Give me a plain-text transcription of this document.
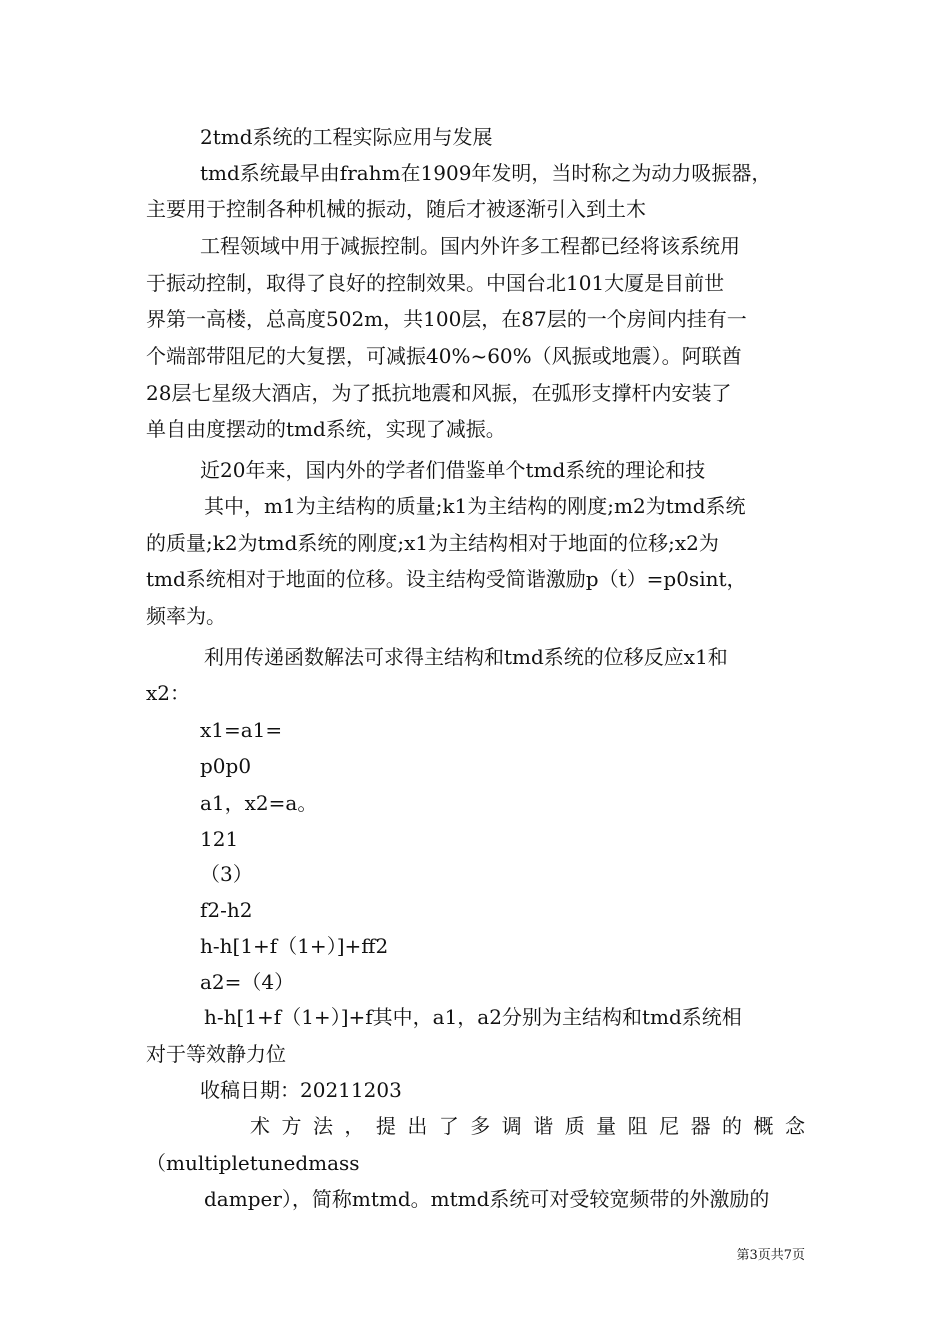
2tmd系统的工程实际应用与发展
tmd系统最早由frahm在1909年发明，当时称之为动力吸振器，
主要用于控制各种机械的振动，随后才被逐渐引入到土木
工程领域中用于减振控制。国内外许多工程都已经将该系统用
于振动控制，取得了良好的控制效果。中国台北101大厦是目前世
界第一高楼，总高度502m，共100层，在87层的一个房间内挂有一
个端部带阻尼的大复摆，可减振40%~60%（风振或地震）。阿联酋
28层七星级大酒店，为了抵抗地震和风振，在弧形支撑杆内安装了
单自由度摆动的tmd系统，实现了减振。
近20年来，国内外的学者们借鉴单个tmd系统的理论和技
其中，m1为主结构的质量;k1为主结构的刚度;m2为tmd系统
的质量;k2为tmd系统的刚度;x1为主结构相对于地面的位移;x2为
tmd系统相对于地面的位移。设主结构受简谐激励p（t）=p0sint，
频率为。
利用传递函数解法可求得主结构和tmd系统的位移反应x1和
x2：
x1=a1=
p0p0
a1，x2=a。
121
（3）
f2-h2
h-h[1+f（1+）]+ff2
a2=（4）
h-h[1+f（1+）]+f其中，a1，a2分别为主结构和tmd系统相
对于等效静力位
收稿日期：20211203
术方法，提出了多调谐质量阻尼器的概念
（multipletunedmass
damper），简称mtmd。mtmd系统可对受较宽频带的外激励的
第3页共7页
